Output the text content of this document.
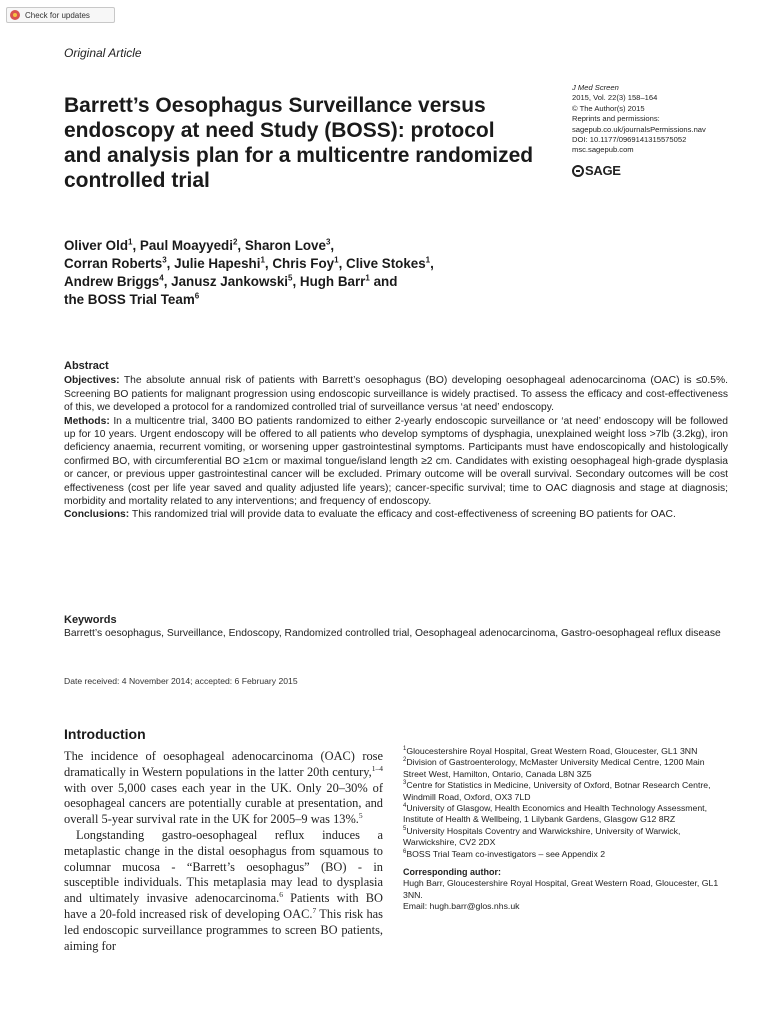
Check for updates
Original Article
Barrett’s Oesophagus Surveillance versus endoscopy at need Study (BOSS): protocol and analysis plan for a multicentre randomized controlled trial
J Med Screen
2015, Vol. 22(3) 158–164
© The Author(s) 2015
Reprints and permissions:
sagepub.co.uk/journalsPermissions.nav
DOI: 10.1177/0969141315575052
msc.sagepub.com
SAGE
Oliver Old$^1$, Paul Moayyedi$^2$, Sharon Love$^3$,
Corran Roberts$^3$, Julie Hapeshi$^1$, Chris Foy$^1$, Clive Stokes$^1$,
Andrew Briggs$^4$, Janusz Jankowski$^5$, Hugh Barr$^1$ and
the BOSS Trial Team$^6$
Abstract

Objectives: The absolute annual risk of patients with Barrett’s oesophagus (BO) developing oesophageal adenocarcinoma (OAC) is ≤0.5%. Screening BO patients for malignant progression using endoscopic surveillance is widely practised. To assess the efficacy and cost-effectiveness of this, we developed a protocol for a randomized controlled trial of surveillance versus ‘at need’ endoscopy.

Methods: In a multicentre trial, 3400 BO patients randomized to either 2-yearly endoscopic surveillance or ‘at need’ endoscopy will be followed up for 10 years. Urgent endoscopy will be offered to all patients who develop symptoms of dysphagia, unexplained weight loss >7lb (3.2kg), iron deficiency anaemia, recurrent vomiting, or worsening upper gastrointestinal symptoms. Participants must have endoscopically and histologically confirmed BO, with circumferential BO ≥1cm or maximal tongue/island length ≥2 cm. Candidates with existing oesophageal high-grade dysplasia or cancer, or previous upper gastrointestinal cancer will be excluded. Primary outcome will be overall survival. Secondary outcomes will be cost effectiveness (cost per life year saved and quality adjusted life years); cancer-specific survival; time to OAC diagnosis and stage at diagnosis; morbidity and mortality related to any interventions; and frequency of endoscopy.

Conclusions: This randomized trial will provide data to evaluate the efficacy and cost-effectiveness of screening BO patients for OAC.

Keywords
Barrett’s oesophagus, Surveillance, Endoscopy, Randomized controlled trial, Oesophageal adenocarcinoma, Gastro-oesophageal reflux disease
Date received: 4 November 2014; accepted: 6 February 2015
Introduction

The incidence of oesophageal adenocarcinoma (OAC) rose dramatically in Western populations in the latter 20th century,$^{1-4}$ with over 5,000 cases each year in the UK. Only 20–30% of oesophageal cancers are potentially curable at presentation, and overall 5-year survival rate in the UK for 2005–9 was 13%.$^5$

Longstanding gastro-oesophageal reflux induces a metaplastic change in the distal oesophagus from squamous to columnar mucosa - “Barrett’s oesophagus” (BO) - in susceptible individuals. This metaplasia may lead to dysplasia and ultimately invasive adenocarcinoma.$^6$ Patients with BO have a 20-fold increased risk of developing OAC.$^7$ This risk has led endoscopic surveillance programmes to screen BO patients, aiming for

$^1$Gloucestershire Royal Hospital, Great Western Road, Gloucester, GL1 3NN
$^2$Division of Gastroenterology, McMaster University Medical Centre, 1200 Main Street West, Hamilton, Ontario, Canada L8N 3Z5
$^3$Centre for Statistics in Medicine, University of Oxford, Botnar Research Centre, Windmill Road, Oxford, OX3 7LD
$^4$University of Glasgow, Health Economics and Health Technology Assessment, Institute of Health & Wellbeing, 1 Lilybank Gardens, Glasgow G12 8RZ
$^5$University Hospitals Coventry and Warwickshire, University of Warwick, Warwickshire, CV2 2DX
$^6$BOSS Trial Team co-investigators – see Appendix 2
Corresponding author:
Hugh Barr, Gloucestershire Royal Hospital, Great Western Road, Gloucester, GL1 3NN.
Email: hugh.barr@glos.nhs.uk
